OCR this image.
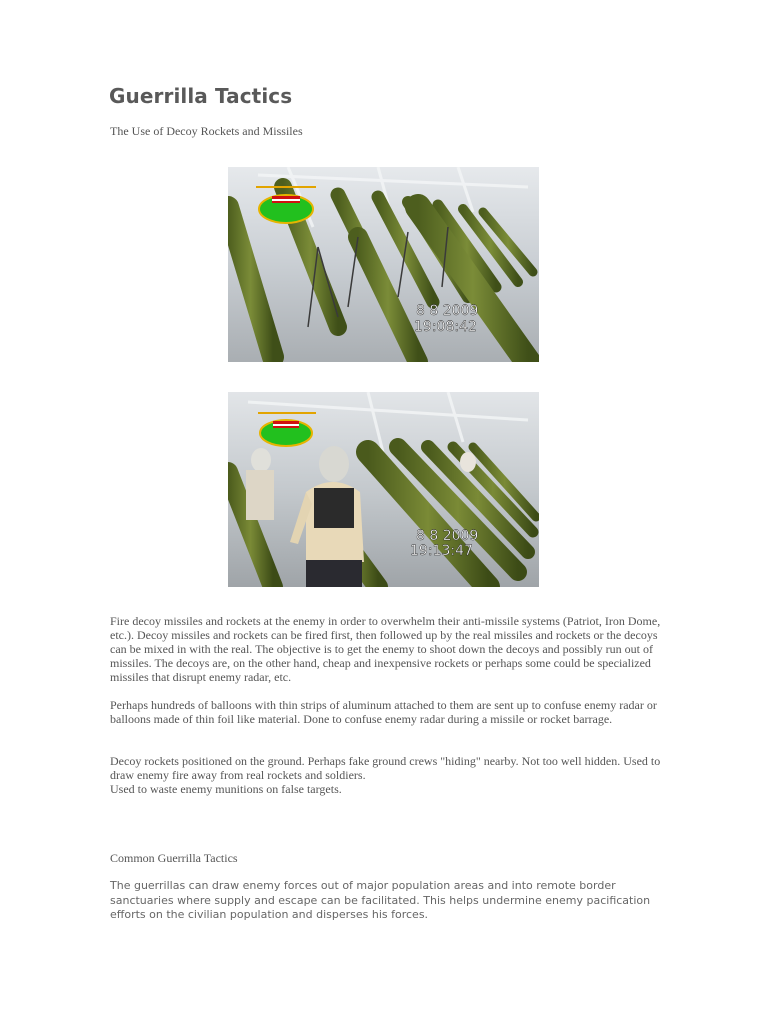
Guerrilla Tactics

The Use of Decoy Rockets and Missiles

8 8 2009
19:08:42
8 8 2009
19:13:47

Fire decoy missiles and rockets at the enemy in order to overwhelm their anti-missile systems (Patriot, Iron Dome, etc.). Decoy missiles and rockets can be fired first, then followed up by the real missiles and rockets or the decoys can be mixed in with the real. The objective is to get the enemy to shoot down the decoys and possibly run out of missiles. The decoys are, on the other hand, cheap and inexpensive rockets or perhaps some could be specialized missiles that disrupt enemy radar, etc.

Perhaps hundreds of balloons with thin strips of aluminum attached to them are sent up to confuse enemy radar or balloons made of thin foil like material. Done to confuse enemy radar during a missile or rocket barrage.

Decoy rockets positioned on the ground. Perhaps fake ground crews "hiding" nearby. Not too well hidden. Used to draw enemy fire away from real rockets and soldiers.
Used to waste enemy munitions on false targets.

Common Guerrilla Tactics

The guerrillas can draw enemy forces out of major population areas and into remote border sanctuaries where supply and escape can be facilitated. This helps undermine enemy pacification efforts on the civilian population and disperses his forces.
